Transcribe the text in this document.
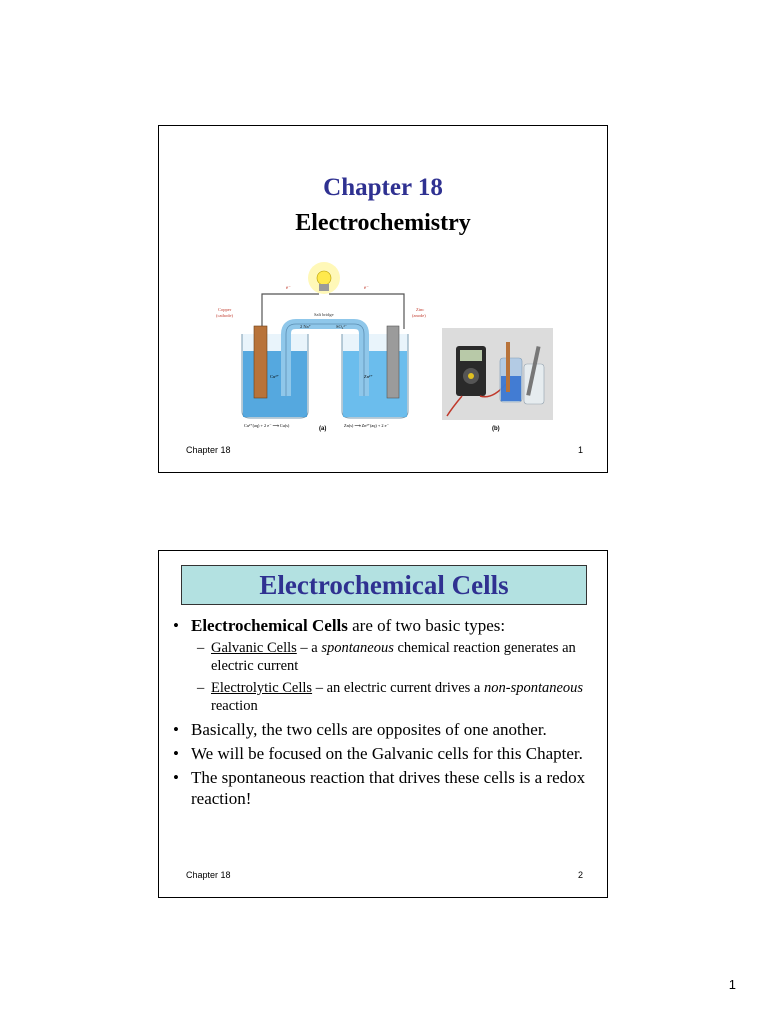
Chapter 18
Electrochemistry
e⁻	e⁻
Salt bridge
2 Na⁺	SO₄²⁻
Copper
(cathode)
Zinc
(anode)
Cu²⁺	Zn²⁺
Cu²⁺(aq) + 2 e⁻ ⟶ Cu(s)	Zn(s) ⟶ Zn²⁺(aq) + 2 e⁻
(a)	(b)
Chapter 18	1
Electrochemical Cells
• Electrochemical Cells are of two basic types:
– Galvanic Cells – a spontaneous chemical reaction generates an electric current
– Electrolytic Cells – an electric current drives a non-spontaneous reaction
• Basically, the two cells are opposites of one another.
• We will be focused on the Galvanic cells for this Chapter.
• The spontaneous reaction that drives these cells is a redox reaction!
Chapter 18	2
1
